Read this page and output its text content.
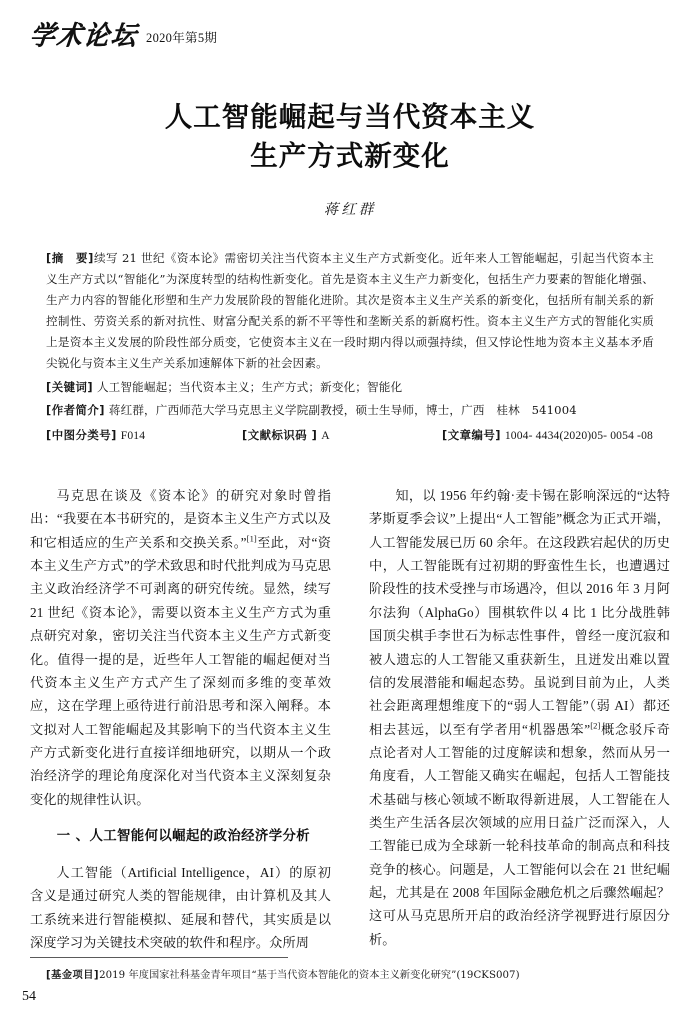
学术论坛 2020年第5期
人工智能崛起与当代资本主义
生产方式新变化
蒋红群

[摘　要]续写 21 世纪《资本论》需密切关注当代资本主义生产方式新变化。近年来人工智能崛起，引起当代资本主义生产方式以“智能化”为深度转型的结构性新变化。首先是资本主义生产力新变化，包括生产力要素的智能化增强、生产力内容的智能化形塑和生产力发展阶段的智能化进阶。其次是资本主义生产关系的新变化，包括所有制关系的新控制性、劳资关系的新对抗性、财富分配关系的新不平等性和垄断关系的新腐朽性。资本主义生产方式的智能化实质上是资本主义发展的阶段性部分质变，它使资本主义在一段时期内得以顽强持续，但又悖论性地为资本主义基本矛盾尖锐化与资本主义生产关系加速解体下新的社会因素。

[关键词] 人工智能崛起；当代资本主义；生产方式；新变化；智能化
[作者简介] 蒋红群，广西师范大学马克思主义学院副教授，硕士生导师，博士，广西　桂林　541004
[中图分类号] F014	[文献标识码 ] A	[文章编号] 1004- 4434(2020)05- 0054 -08

马克思在谈及《资本论》的研究对象时曾指出：“我要在本书研究的，是资本主义生产方式以及和它相适应的生产关系和交换关系。”[1]至此，对“资本主义生产方式”的学术致思和时代批判成为马克思主义政治经济学不可剥离的研究传统。显然，续写 21 世纪《资本论》，需要以资本主义生产方式为重点研究对象，密切关注当代资本主义生产方式新变化。值得一提的是，近些年人工智能的崛起便对当代资本主义生产方式产生了深刻而多维的变革效应，这在学理上亟待进行前沿思考和深入阐释。本文拟对人工智能崛起及其影响下的当代资本主义生产方式新变化进行直接详细地研究，以期从一个政治经济学的理论角度深化对当代资本主义深刻复杂变化的规律性认识。

一 、人工智能何以崛起的政治经济学分析

人工智能（Artificial Intelligence，AI）的原初含义是通过研究人类的智能规律，由计算机及其人工系统来进行智能模拟、延展和替代，其实质是以深度学习为关键技术突破的软件和程序。众所周

知，以 1956 年约翰·麦卡锡在影响深远的“达特茅斯夏季会议”上提出“人工智能”概念为正式开端，人工智能发展已历 60 余年。在这段跌宕起伏的历史中，人工智能既有过初期的野蛮性生长，也遭遇过阶段性的技术受挫与市场遇冷，但以 2016 年 3 月阿尔法狗（AlphaGo）围棋软件以 4 比 1 比分战胜韩国顶尖棋手李世石为标志性事件，曾经一度沉寂和被人遗忘的人工智能又重获新生，且迸发出难以置信的发展潜能和崛起态势。虽说到目前为止，人类社会距离理想维度下的“弱人工智能”（弱 AI）都还相去甚远，以至有学者用“机器愚笨”[2]概念驳斥奇点论者对人工智能的过度解读和想象，然而从另一角度看，人工智能又确实在崛起，包括人工智能技术基础与核心领域不断取得新进展，人工智能在人类生产生活各层次领域的应用日益广泛而深入，人工智能已成为全球新一轮科技革命的制高点和科技竞争的核心。问题是，人工智能何以会在 21 世纪崛起，尤其是在 2008 年国际金融危机之后骤然崛起？这可从马克思所开启的政治经济学视野进行原因分析。

[基金项目]2019 年度国家社科基金青年项目“基于当代资本智能化的资本主义新变化研究”(19CKS007)
54
